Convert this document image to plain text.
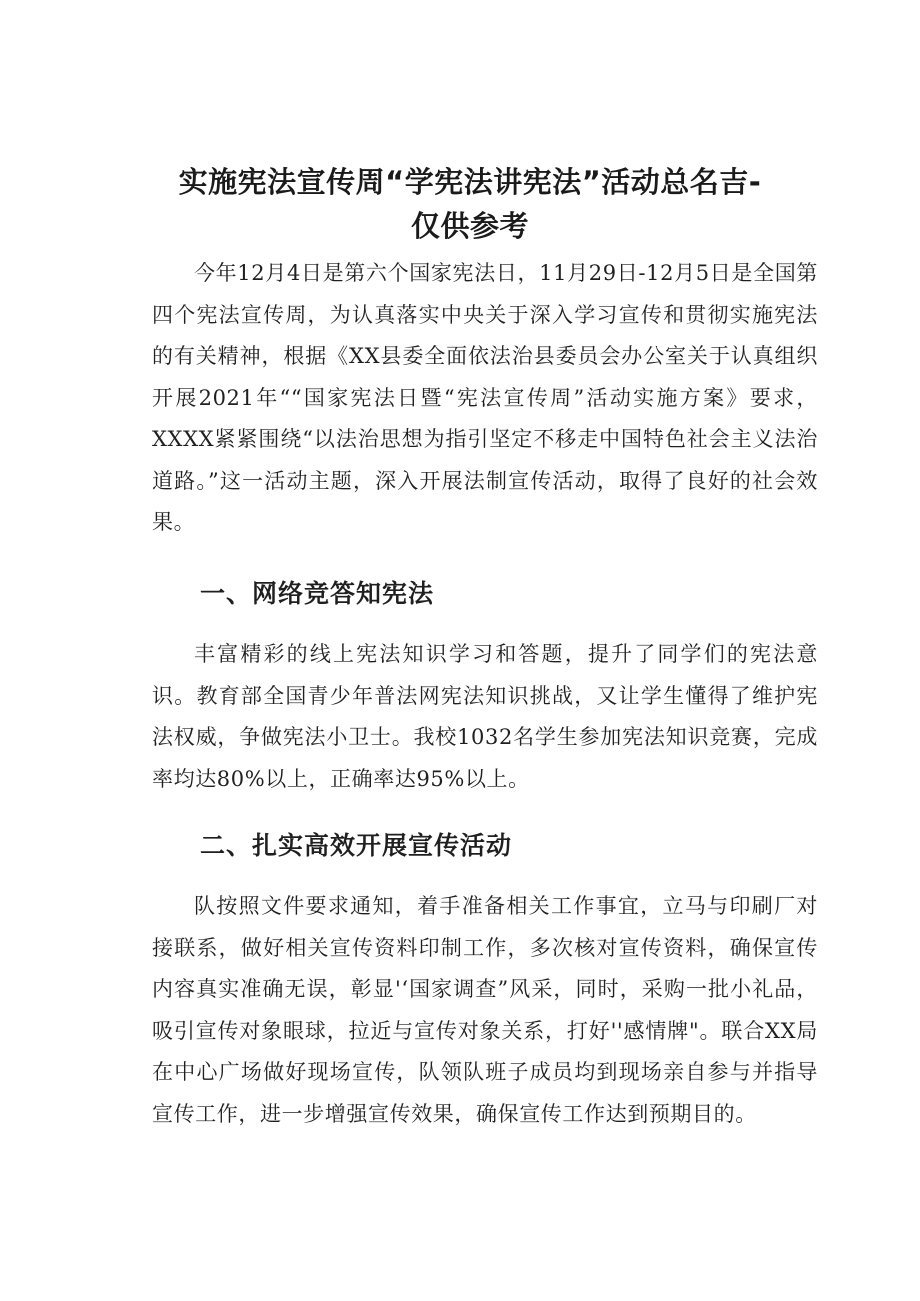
实施宪法宣传周“学宪法讲宪法”活动总名吉-
仅供参考

今年12月4日是第六个国家宪法日，11月29日-12月5日是全国第四个宪法宣传周，为认真落实中央关于深入学习宣传和贯彻实施宪法的有关精神，根据《XX县委全面依法治县委员会办公室关于认真组织开展2021年““国家宪法日暨“宪法宣传周”活动实施方案》要求，XXXX紧紧围绕“以法治思想为指引坚定不移走中国特色社会主义法治道路。”这一活动主题，深入开展法制宣传活动，取得了良好的社会效果。

一、网络竞答知宪法

丰富精彩的线上宪法知识学习和答题，提升了同学们的宪法意识。教育部全国青少年普法网宪法知识挑战，又让学生懂得了维护宪法权威，争做宪法小卫士。我校1032名学生参加宪法知识竞赛，完成率均达80%以上，正确率达95%以上。

二、扎实高效开展宣传活动

队按照文件要求通知，着手准备相关工作事宜，立马与印刷厂对接联系，做好相关宣传资料印制工作，多次核对宣传资料，确保宣传内容真实准确无误，彰显'‘国家调查”风采，同时，采购一批小礼品，吸引宣传对象眼球，拉近与宣传对象关系，打好''感情牌"。联合XX局在中心广场做好现场宣传，队领队班子成员均到现场亲自参与并指导宣传工作，进一步增强宣传效果，确保宣传工作达到预期目的。
